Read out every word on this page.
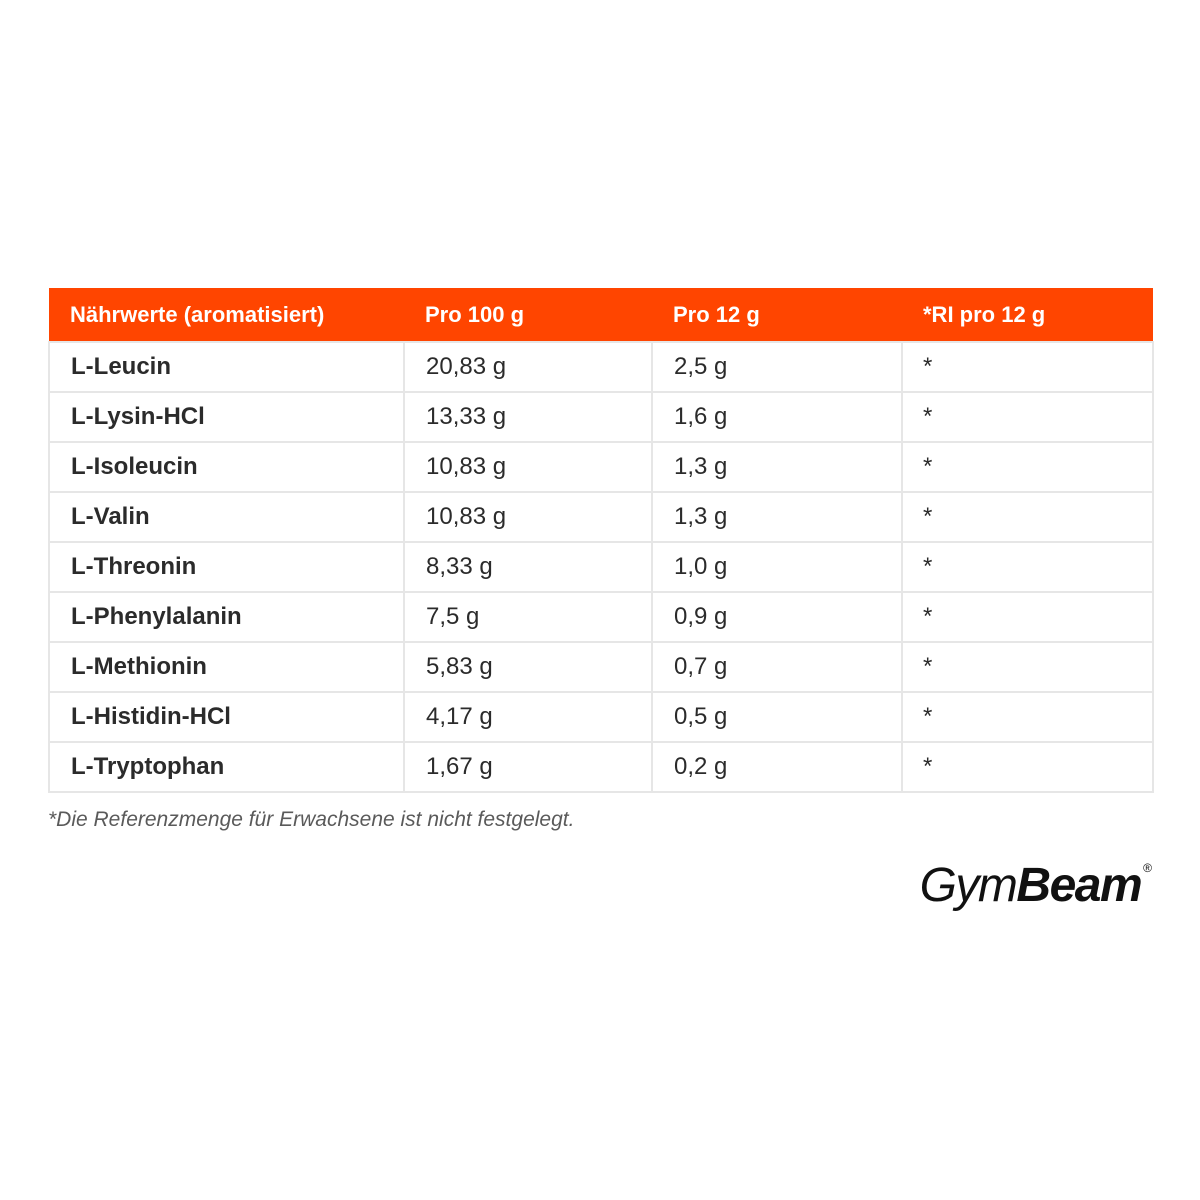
Nährwerte (aromatisiert)	Pro 100 g	Pro 12 g	*RI pro 12 g
L-Leucin	20,83 g	2,5 g	*
L-Lysin-HCl	13,33 g	1,6 g	*
L-Isoleucin	10,83 g	1,3 g	*
L-Valin	10,83 g	1,3 g	*
L-Threonin	8,33 g	1,0 g	*
L-Phenylalanin	7,5 g	0,9 g	*
L-Methionin	5,83 g	0,7 g	*
L-Histidin-HCl	4,17 g	0,5 g	*
L-Tryptophan	1,67 g	0,2 g	*
*Die Referenzmenge für Erwachsene ist nicht festgelegt.
Gym Beam ®
